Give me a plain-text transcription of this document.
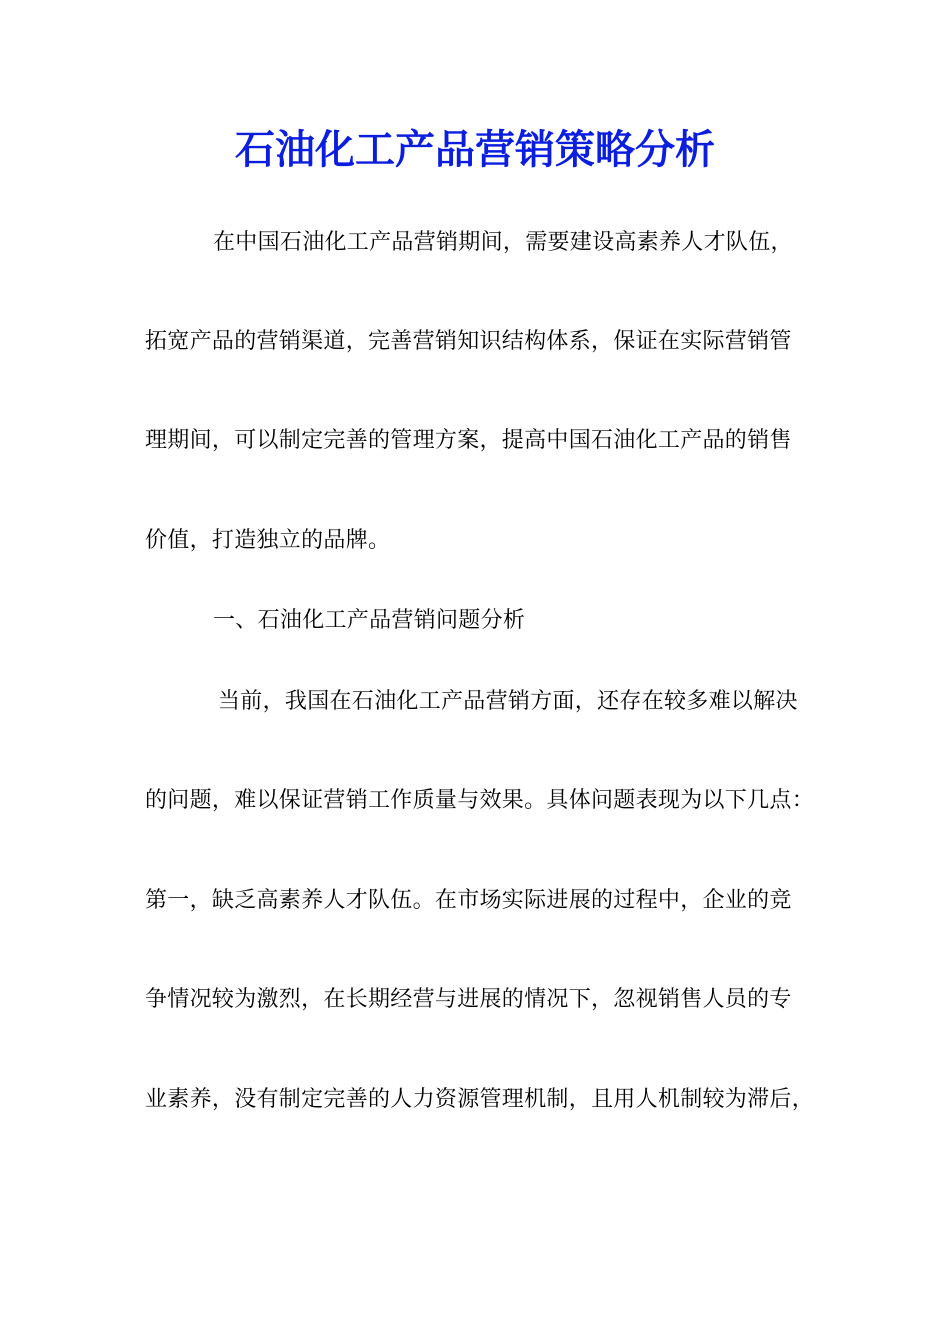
石油化工产品营销策略分析
在中国石油化工产品营销期间，需要建设高素养人才队伍，
拓宽产品的营销渠道，完善营销知识结构体系，保证在实际营销管
理期间，可以制定完善的管理方案，提高中国石油化工产品的销售
价值，打造独立的品牌。
一、石油化工产品营销问题分析
当前，我国在石油化工产品营销方面，还存在较多难以解决
的问题，难以保证营销工作质量与效果。具体问题表现为以下几点：
第一，缺乏高素养人才队伍。在市场实际进展的过程中，企业的竞
争情况较为激烈，在长期经营与进展的情况下，忽视销售人员的专
业素养，没有制定完善的人力资源管理机制，且用人机制较为滞后，
